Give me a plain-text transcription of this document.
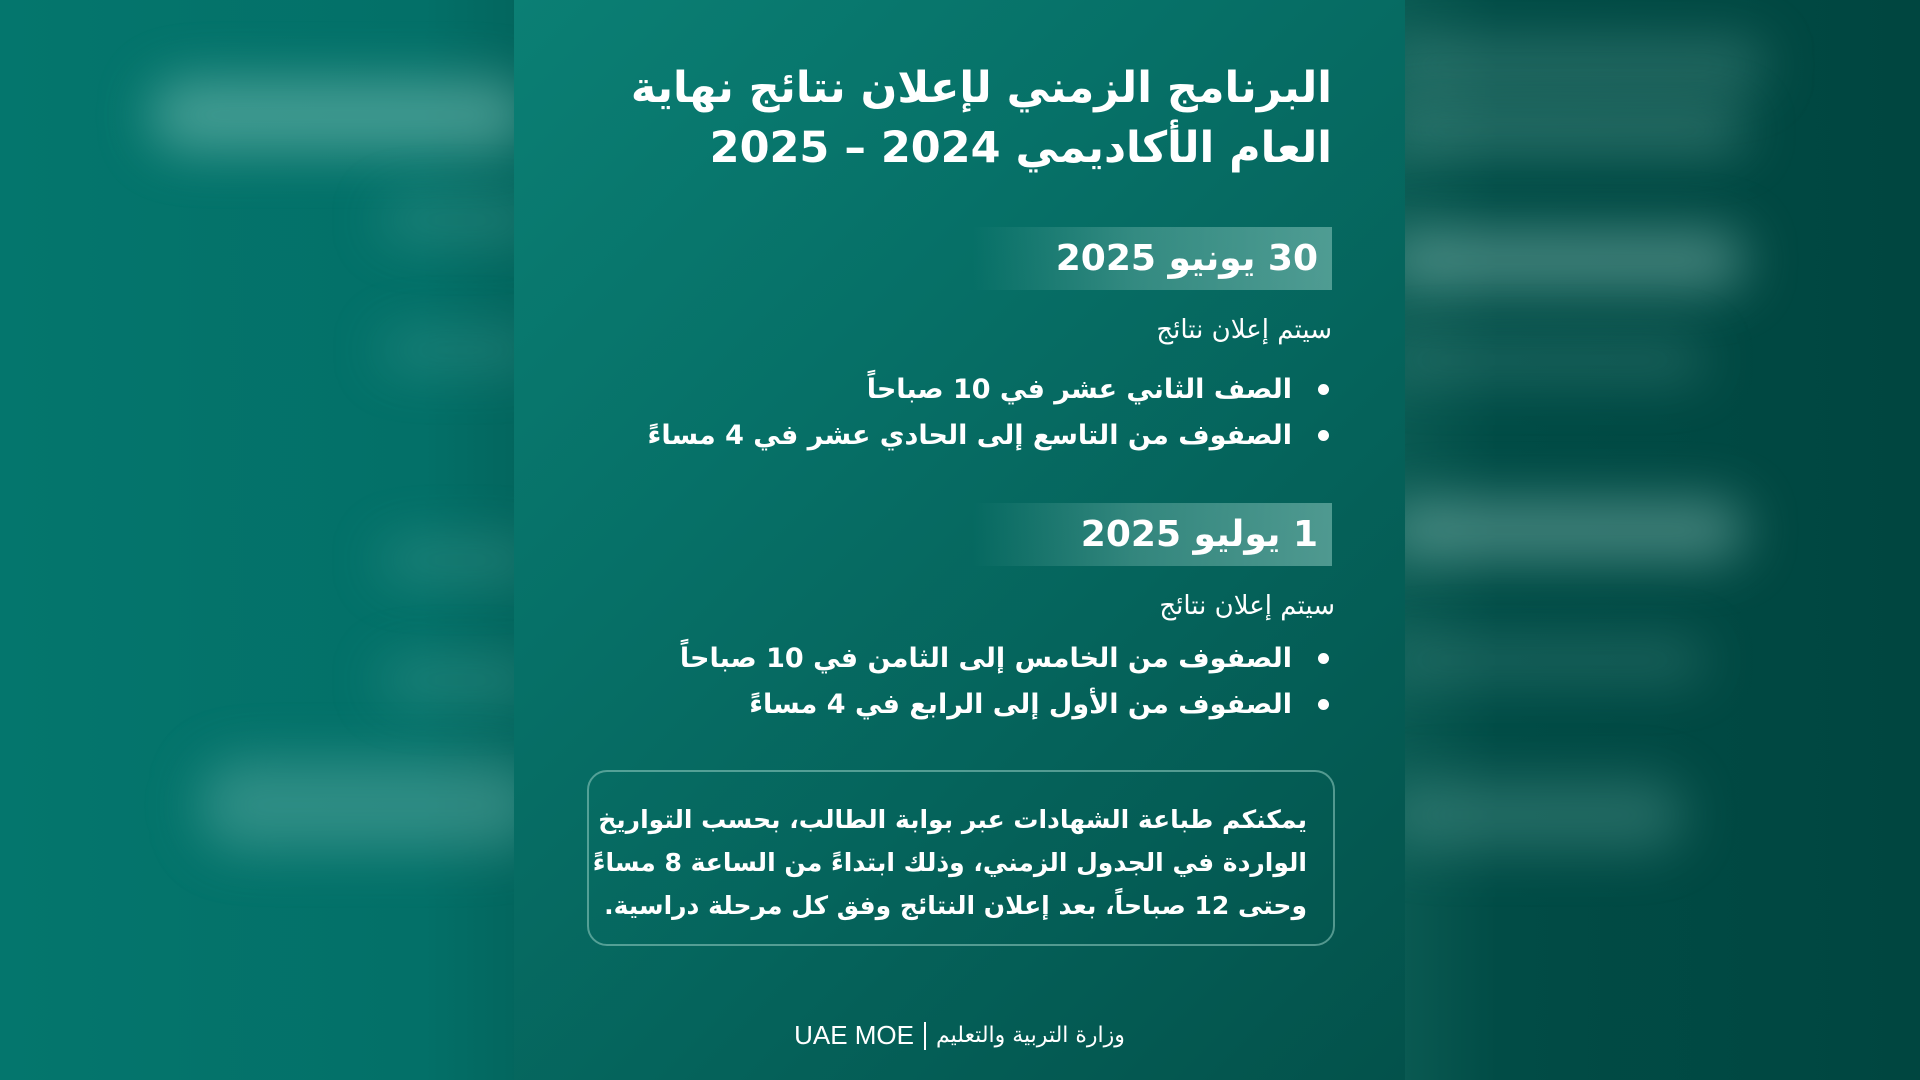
البرنامج الزمني لإعلان نتائج نهاية
العام الأكاديمي 2024 – 2025
30 يونيو 2025
سيتم إعلان نتائج
الصف الثاني عشر في 10 صباحاً
الصفوف من التاسع إلى الحادي عشر في 4 مساءً
1 يوليو 2025
سيتم إعلان نتائج
الصفوف من الخامس إلى الثامن في 10 صباحاً
الصفوف من الأول إلى الرابع في 4 مساءً
يمكنكم طباعة الشهادات عبر بوابة الطالب، بحسب التواريخ
الواردة في الجدول الزمني، وذلك ابتداءً من الساعة 8 مساءً
وحتى 12 صباحاً، بعد إعلان النتائج وفق كل مرحلة دراسية.
UAE MOE وزارة التربية والتعليم
